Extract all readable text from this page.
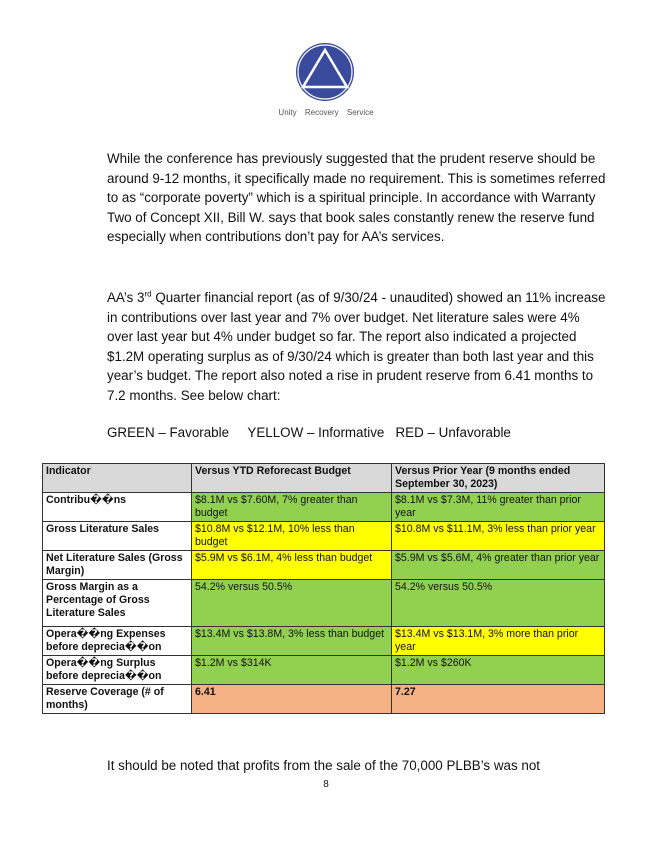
Unity Recovery Service

While the conference has previously suggested that the prudent reserve should be around 9-12 months, it specifically made no requirement. This is sometimes referred to as “corporate poverty” which is a spiritual principle. In accordance with Warranty Two of Concept XII, Bill W. says that book sales constantly renew the reserve fund especially when contributions don’t pay for AA’s services.

AA’s 3rd Quarter financial report (as of 9/30/24 - unaudited) showed an 11% increase in contributions over last year and 7% over budget. Net literature sales were 4% over last year but 4% under budget so far. The report also indicated a projected $1.2M operating surplus as of 9/30/24 which is greater than both last year and this year’s budget. The report also noted a rise in prudent reserve from 6.41 months to 7.2 months. See below chart:

GREEN – Favorable     YELLOW – Informative   RED – Unfavorable
Indicator	Versus YTD Reforecast Budget	Versus Prior Year (9 months ended September 30, 2023)
Contribu��ns	$8.1M vs $7.60M, 7% greater than budget	$8.1M vs $7.3M, 11% greater than prior year
Gross Literature Sales	$10.8M vs $12.1M, 10% less than budget	$10.8M vs $11.1M, 3% less than prior year
Net Literature Sales (Gross Margin)	$5.9M vs $6.1M, 4% less than budget	$5.9M vs $5.6M, 4% greater than prior year
Gross Margin as a Percentage of Gross Literature Sales	54.2% versus 50.5%	54.2% versus 50.5%
Opera��ng Expenses before deprecia��on	$13.4M vs $13.8M, 3% less than budget	$13.4M vs $13.1M, 3% more than prior year
Opera��ng Surplus before deprecia��on	$1.2M vs $314K	$1.2M vs $260K
Reserve Coverage (# of months)	6.41	7.27
It should be noted that profits from the sale of the 70,000 PLBB’s was not
8
